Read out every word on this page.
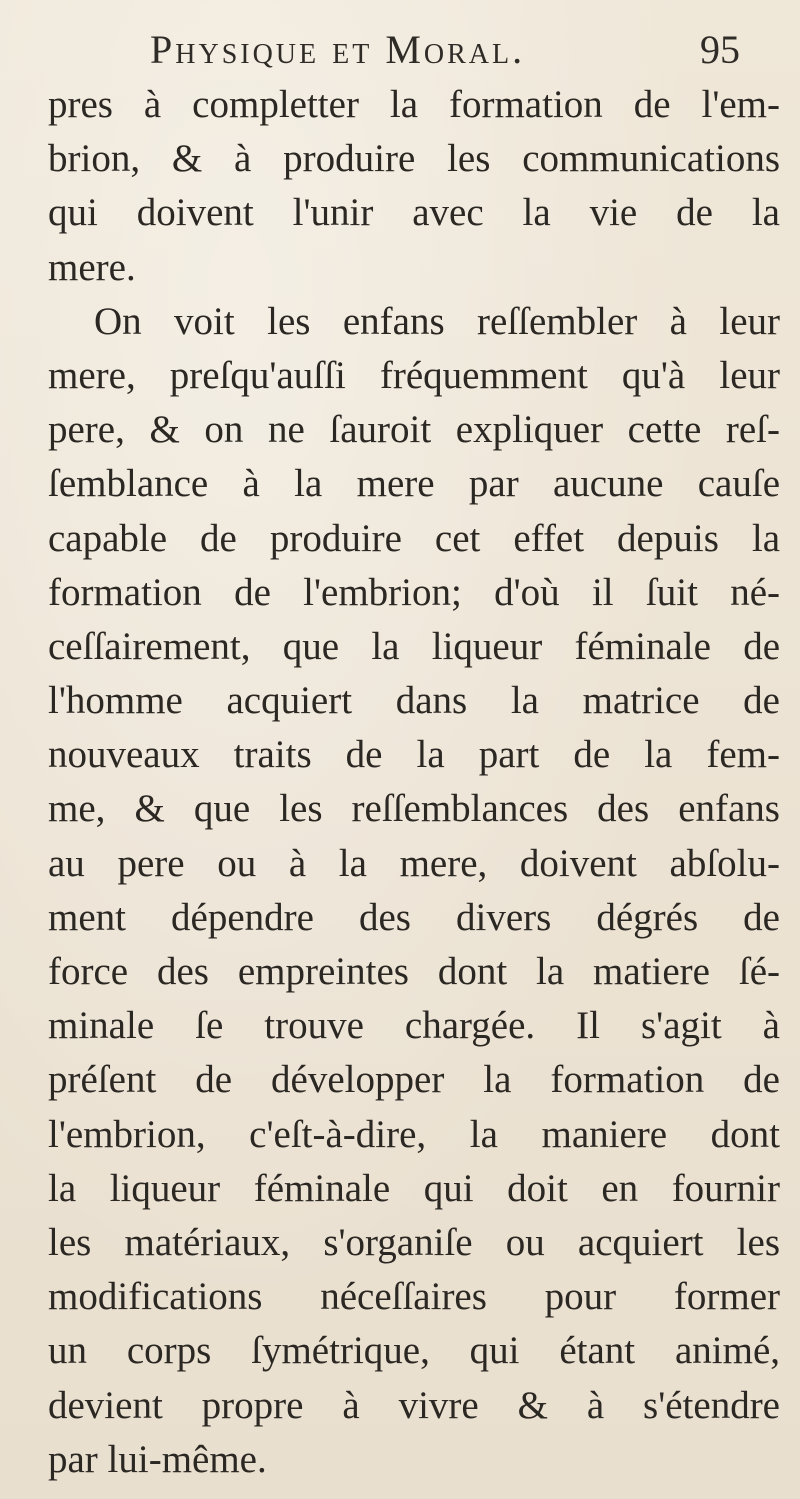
Physique et Moral.	95
pres à completter la formation de l'em-
brion, & à produire les communications
qui doivent l'unir avec la vie de la
mere.
On voit les enfans reſſembler à leur
mere, preſqu'auſſi fréquemment qu'à leur
pere, & on ne ſauroit expliquer cette reſ-
ſemblance à la mere par aucune cauſe
capable de produire cet effet depuis la
formation de l'embrion; d'où il ſuit né-
ceſſairement, que la liqueur féminale de
l'homme acquiert dans la matrice de
nouveaux traits de la part de la fem-
me, & que les reſſemblances des enfans
au pere ou à la mere, doivent abſolu-
ment dépendre des divers dégrés de
force des empreintes dont la matiere ſé-
minale ſe trouve chargée. Il s'agit à
préſent de développer la formation de
l'embrion, c'eſt-à-dire, la maniere dont
la liqueur féminale qui doit en fournir
les matériaux, s'organiſe ou acquiert les
modifications néceſſaires pour former
un corps ſymétrique, qui étant animé,
devient propre à vivre & à s'étendre
par lui-même.
